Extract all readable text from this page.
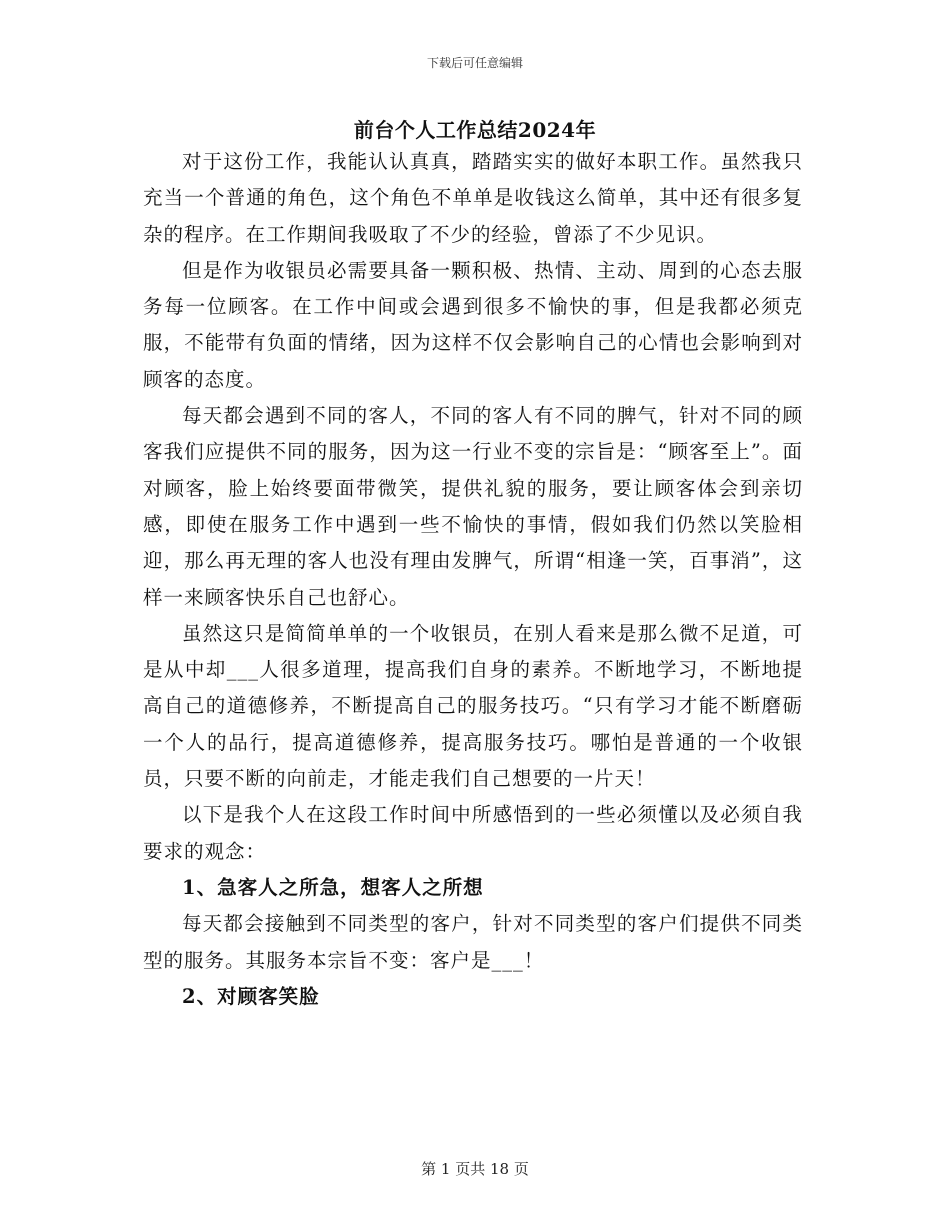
下载后可任意编辑
前台个人工作总结2024年

对于这份工作，我能认认真真，踏踏实实的做好本职工作。虽然我只充当一个普通的角色，这个角色不单单是收钱这么简单，其中还有很多复杂的程序。在工作期间我吸取了不少的经验，曾添了不少见识。

但是作为收银员必需要具备一颗积极、热情、主动、周到的心态去服务每一位顾客。在工作中间或会遇到很多不愉快的事，但是我都必须克服，不能带有负面的情绪，因为这样不仅会影响自己的心情也会影响到对顾客的态度。

每天都会遇到不同的客人，不同的客人有不同的脾气，针对不同的顾客我们应提供不同的服务，因为这一行业不变的宗旨是：“顾客至上”。面对顾客，脸上始终要面带微笑，提供礼貌的服务，要让顾客体会到亲切感，即使在服务工作中遇到一些不愉快的事情，假如我们仍然以笑脸相迎，那么再无理的客人也没有理由发脾气，所谓“相逢一笑，百事消”，这样一来顾客快乐自己也舒心。

虽然这只是简简单单的一个收银员，在别人看来是那么微不足道，可是从中却___人很多道理，提高我们自身的素养。不断地学习，不断地提高自己的道德修养，不断提高自己的服务技巧。“只有学习才能不断磨砺一个人的品行，提高道德修养，提高服务技巧。哪怕是普通的一个收银员，只要不断的向前走，才能走我们自己想要的一片天！

以下是我个人在这段工作时间中所感悟到的一些必须懂以及必须自我要求的观念：

1、急客人之所急，想客人之所想

每天都会接触到不同类型的客户，针对不同类型的客户们提供不同类型的服务。其服务本宗旨不变：客户是___！

2、对顾客笑脸
第 1 页共 18 页
